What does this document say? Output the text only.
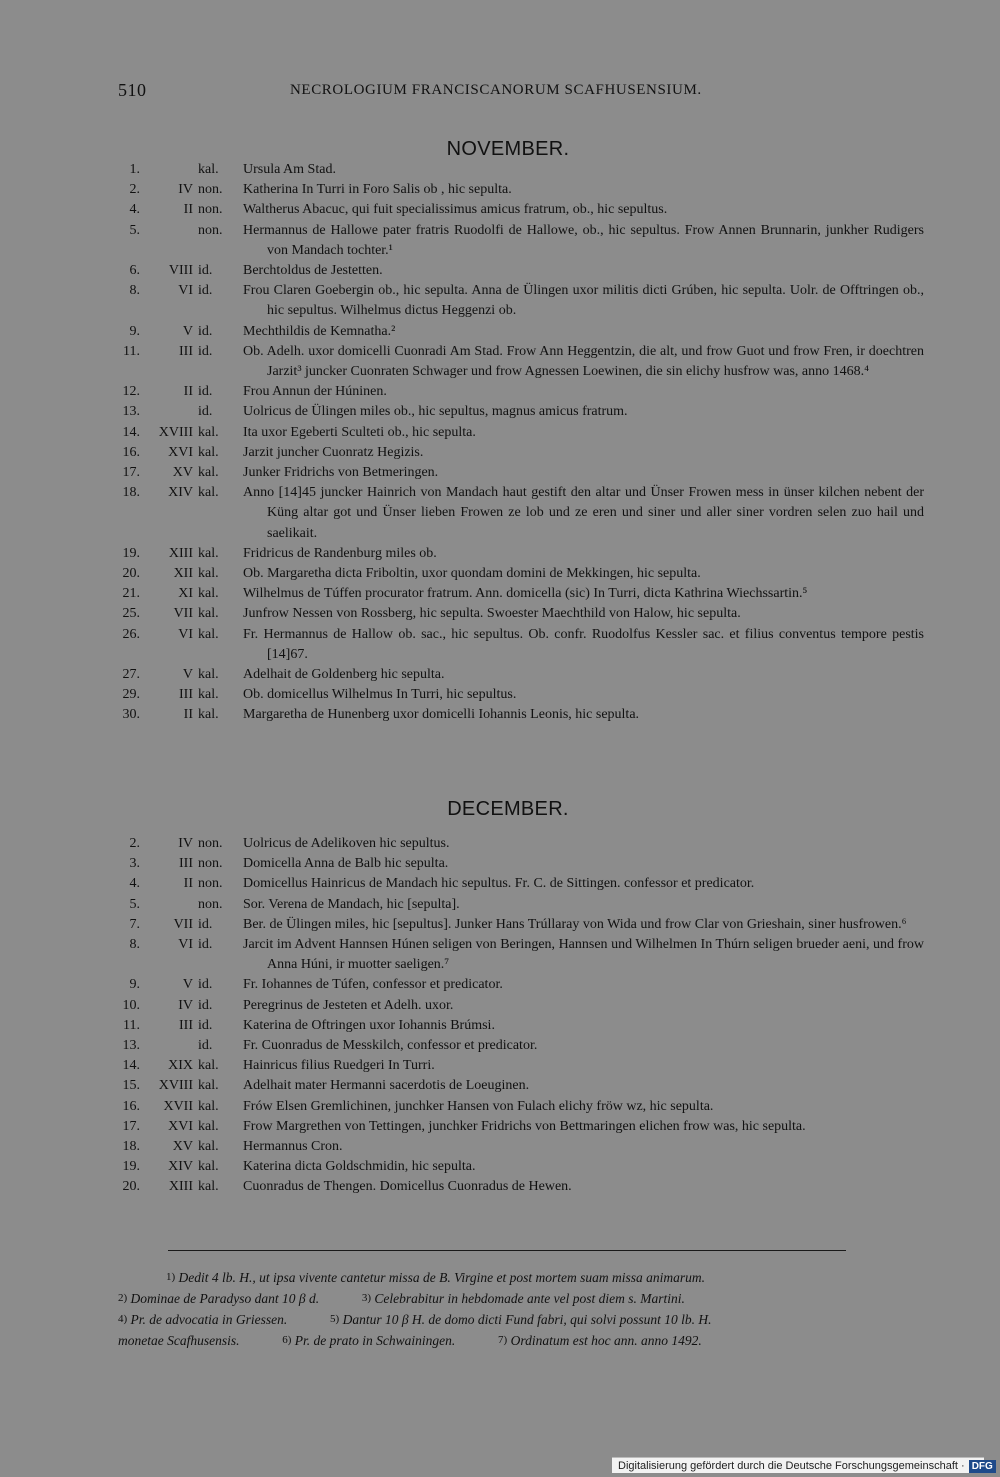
510	NECROLOGIUM FRANCISCANORUM SCAFHUSENSIUM.
NOVEMBER.
1.	kal. Ursula Am Stad.
2.	IV non. Katherina In Turri in Foro Salis ob , hic sepulta.
4.	II non. Waltherus Abacuc, qui fuit specialissimus amicus fratrum, ob., hic sepultus.
5.	non. Hermannus de Hallowe pater fratris Ruodolfi de Hallowe, ob., hic sepultus. Frow Annen Brunnarin, junkher Rudigers von Mandach tochter.¹
6.	VIII id. Berchtoldus de Jestetten.
8.	VI id. Frou Claren Goebergin ob., hic sepulta. Anna de Ülingen uxor militis dicti Grúben, hic sepulta. Uolr. de Offtringen ob., hic sepultus. Wilhelmus dictus Heggenzi ob.
9.	V id. Mechthildis de Kemnatha.²
11.	III id. Ob. Adelh. uxor domicelli Cuonradi Am Stad. Frow Ann Heggentzin, die alt, und frow Guot und frow Fren, ir doechtren Jarzit³ juncker Cuonraten Schwager und frow Agnessen Loewinen, die sin elichy husfrow was, anno 1468.⁴
12.	II id. Frou Annun der Húninen.
13.	id. Uolricus de Ülingen miles ob., hic sepultus, magnus amicus fratrum.
14.	XVIII kal. Ita uxor Egeberti Sculteti ob., hic sepulta.
16.	XVI kal. Jarzit juncher Cuonratz Hegizis.
17.	XV kal. Junker Fridrichs von Betmeringen.
18.	XIV kal. Anno [14]45 juncker Hainrich von Mandach haut gestift den altar und Ünser Frowen mess in ünser kilchen nebent der Küng altar got und Ünser lieben Frowen ze lob und ze eren und siner und aller siner vordren selen zuo hail und saelikait.
19.	XIII kal. Fridricus de Randenburg miles ob.
20.	XII kal. Ob. Margaretha dicta Friboltin, uxor quondam domini de Mekkingen, hic sepulta.
21.	XI kal. Wilhelmus de Túffen procurator fratrum. Ann. domicella (sic) In Turri, dicta Kathrina Wiechssartin.⁵
25.	VII kal. Junfrow Nessen von Rossberg, hic sepulta. Swoester Maechthild von Halow, hic sepulta.
26.	VI kal. Fr. Hermannus de Hallow ob. sac., hic sepultus. Ob. confr. Ruodolfus Kessler sac. et filius conventus tempore pestis [14]67.
27.	V kal. Adelhait de Goldenberg hic sepulta.
29.	III kal. Ob. domicellus Wilhelmus In Turri, hic sepultus.
30.	II kal. Margaretha de Hunenberg uxor domicelli Iohannis Leonis, hic sepulta.
DECEMBER.
2.	IV non. Uolricus de Adelikoven hic sepultus.
3.	III non. Domicella Anna de Balb hic sepulta.
4.	II non. Domicellus Hainricus de Mandach hic sepultus. Fr. C. de Sittingen. confessor et predicator.
5.	non. Sor. Verena de Mandach, hic [sepulta].
7.	VII id. Ber. de Ülingen miles, hic [sepultus]. Junker Hans Trúllaray von Wida und frow Clar von Grieshain, siner husfrowen.⁶
8.	VI id. Jarcit im Advent Hannsen Húnen seligen von Beringen, Hannsen und Wilhelmen In Thúrn seligen brueder aeni, und frow Anna Húni, ir muotter saeligen.⁷
9.	V id. Fr. Iohannes de Túfen, confessor et predicator.
10.	IV id. Peregrinus de Jesteten et Adelh. uxor.
11.	III id. Katerina de Oftringen uxor Iohannis Brúmsi.
13.	id. Fr. Cuonradus de Messkilch, confessor et predicator.
14.	XIX kal. Hainricus filius Ruedgeri In Turri.
15.	XVIII kal. Adelhait mater Hermanni sacerdotis de Loeuginen.
16.	XVII kal. Frów Elsen Gremlichinen, junchker Hansen von Fulach elichy fröw wz, hic sepulta.
17.	XVI kal. Frow Margrethen von Tettingen, junchker Fridrichs von Bettmaringen elichen frow was, hic sepulta.
18.	XV kal. Hermannus Cron.
19.	XIV kal. Katerina dicta Goldschmidin, hic sepulta.
20.	XIII kal. Cuonradus de Thengen. Domicellus Cuonradus de Hewen.
1) Dedit 4 lb. H., ut ipsa vivente cantetur missa de B. Virgine et post mortem suam missa animarum.
2) Dominae de Paradyso dant 10 β d.	3) Celebrabitur in hebdomade ante vel post diem s. Martini.
4) Pr. de advocatia in Griessen.	5) Dantur 10 β H. de domo dicti Fund fabri, qui solvi possunt 10 lb. H.
monetae Scafhusensis.	6) Pr. de prato in Schwainingen.	7) Ordinatum est hoc ann. anno 1492.
Digitalisierung gefördert durch die Deutsche Forschungsgemeinschaft · DFG
